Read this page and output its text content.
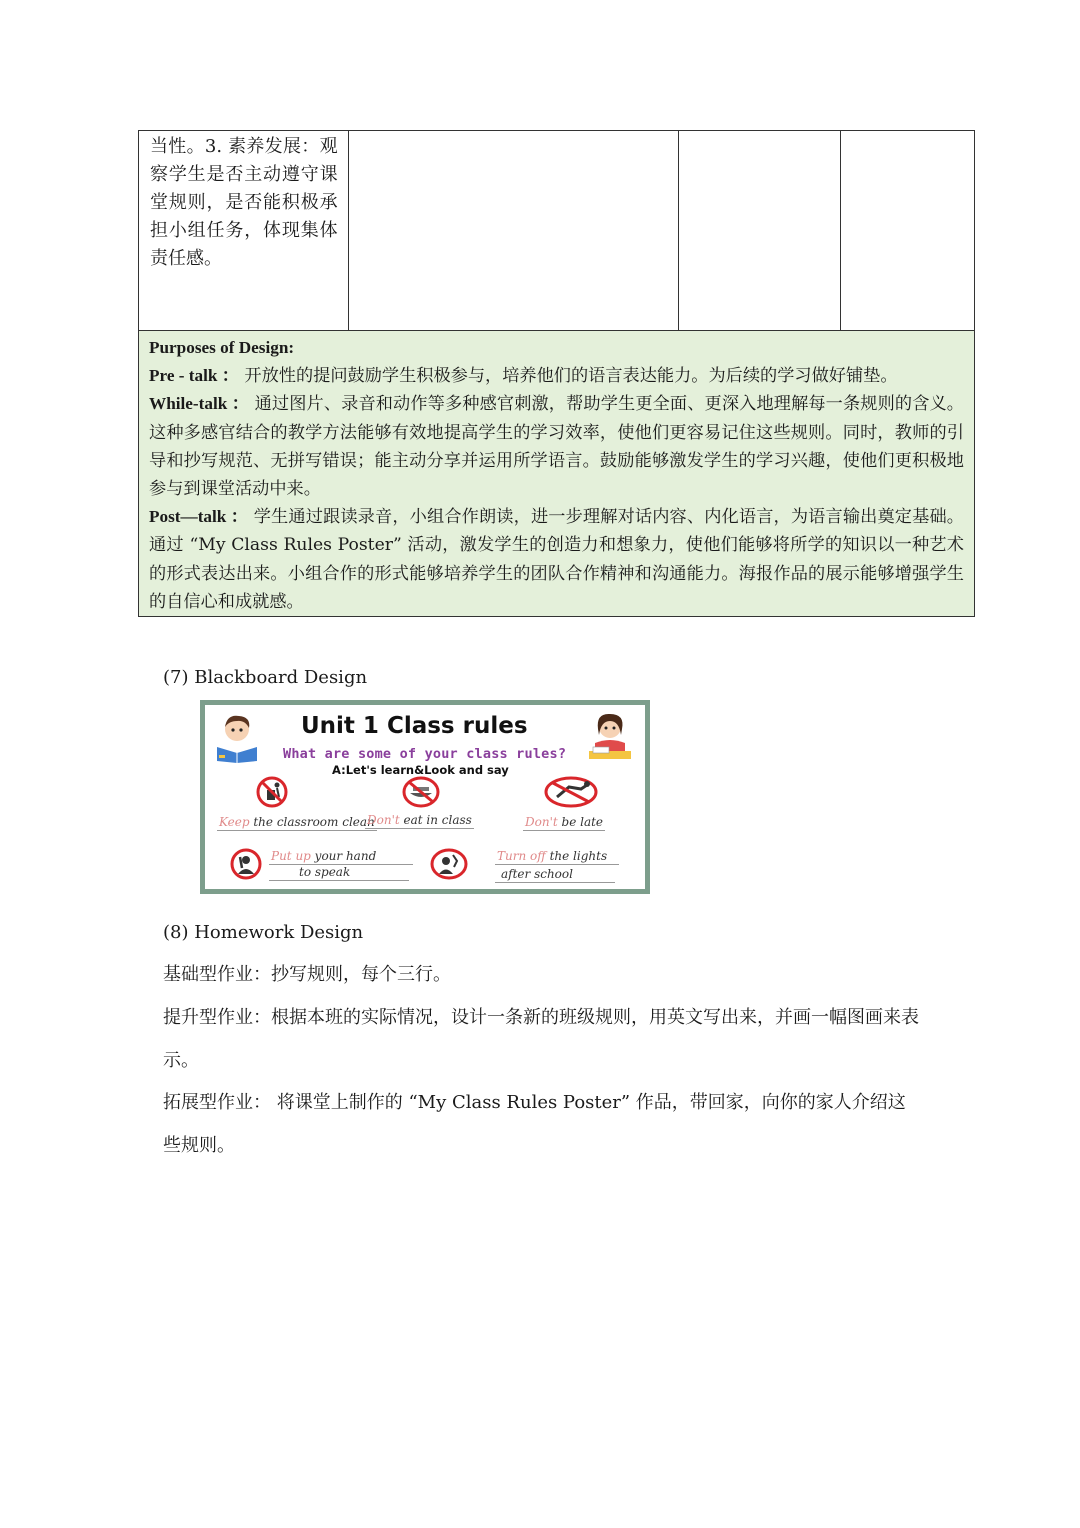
当性。3. 素养发展：观察学生是否主动遵守课堂规则，是否能积极承担小组任务，体现集体责任感。

Purposes of Design:
Pre - talk ： 开放性的提问鼓励学生积极参与，培养他们的语言表达能力。为后续的学习做好铺垫。
While-talk ： 通过图片、录音和动作等多种感官刺激，帮助学生更全面、更深入地理解每一条规则的含义。这种多感官结合的教学方法能够有效地提高学生的学习效率，使他们更容易记住这些规则。同时，教师的引导和抄写规范、无拼写错误；能主动分享并运用所学语言。鼓励能够激发学生的学习兴趣，使他们更积极地参与到课堂活动中来。
Post—talk ： 学生通过跟读录音，小组合作朗读，进一步理解对话内容、内化语言，为语言输出奠定基础。通过 “My Class Rules Poster” 活动，激发学生的创造力和想象力，使他们能够将所学的知识以一种艺术的形式表达出来。小组合作的形式能够培养学生的团队合作精神和沟通能力。海报作品的展示能够增强学生的自信心和成就感。
(7) Blackboard Design
Unit 1 Class rules
What are some of your class rules?
A:Let's learn&Look and say
Keep the classroom clean
Don't eat in class	Don't be late
Put up your hand
to speak
Turn off the lights
after school
(8) Homework Design
基础型作业：抄写规则，每个三行。
提升型作业：根据本班的实际情况，设计一条新的班级规则，用英文写出来，并画一幅图画来表示。
拓展型作业： 将课堂上制作的 “My Class Rules Poster” 作品，带回家，向你的家人介绍这些规则。
